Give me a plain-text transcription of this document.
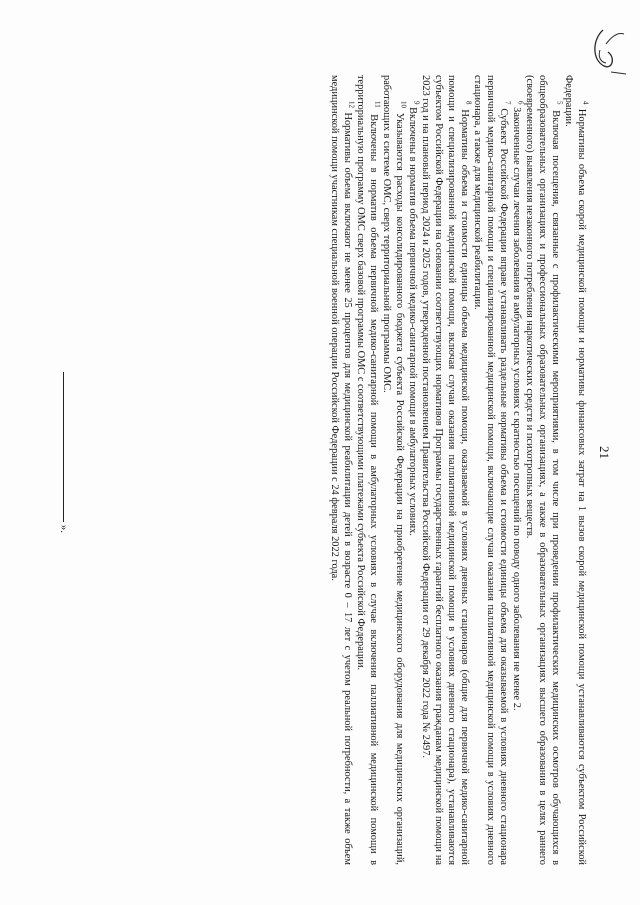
21

$^4$ Нормативы объема скорой медицинской помощи и нормативы финансовых затрат на 1 вызов скорой медицинской помощи устанавливаются субъектом Российской Федерации.

$^5$ Включая посещения, связанные с профилактическими мероприятиями, в том числе при проведении профилактических медицинских осмотров обучающихся в общеобразовательных организациях и профессиональных образовательных организациях, а также в образовательных организациях высшего образования в целях раннего (своевременного) выявления незаконного потребления наркотических средств и психотропных веществ.

$^6$ Законченные случаи лечения заболевания в амбулаторных условиях с кратностью посещений по поводу одного заболевания не менее 2.

$^7$ Субъект Российской Федерации вправе устанавливать раздельные нормативы объема и стоимости единицы объема для оказываемой в условиях дневного стационара первичной медико-санитарной помощи и специализированной медицинской помощи, включающие случаи оказания паллиативной медицинской помощи в условиях дневного стационара, а также для медицинской реабилитации.

$^8$ Нормативы объема и стоимости единицы объема медицинской помощи, оказываемой в условиях дневных стационаров (общие для первичной медико-санитарной помощи и специализированной медицинской помощи, включая случаи оказания паллиативной медицинской помощи в условиях дневного стационара), устанавливаются субъектом Российской Федерации на основании соответствующих нормативов Программы государственных гарантий бесплатного оказания гражданам медицинской помощи на 2023 год и на плановый период 2024 и 2025 годов, утвержденной постановлением Правительства Российской Федерации от 29 декабря 2022 года № 2497.

$^9$ Включены в норматив объема первичной медико-санитарной помощи в амбулаторных условиях.

$^{10}$ Указываются расходы консолидированного бюджета субъекта Российской Федерации на приобретение медицинского оборудования для медицинских организаций, работающих в системе ОМС, сверх территориальной программы ОМС.

$^{11}$ Включены в норматив объема первичной медико-санитарной помощи в амбулаторных условиях в случае включения паллиативной медицинской помощи в территориальную программу ОМС сверх базовой программы ОМС с соответствующими платежами субъекта Российской Федерации.

$^{12}$ Нормативы объема включают не менее 25 процентов для медицинской реабилитации детей в возрасте 0 – 17 лет с учетом реальной потребности, а также объем медицинской помощи участникам специальной военной операции Российской Федерации с 24 февраля 2022 года.

».
